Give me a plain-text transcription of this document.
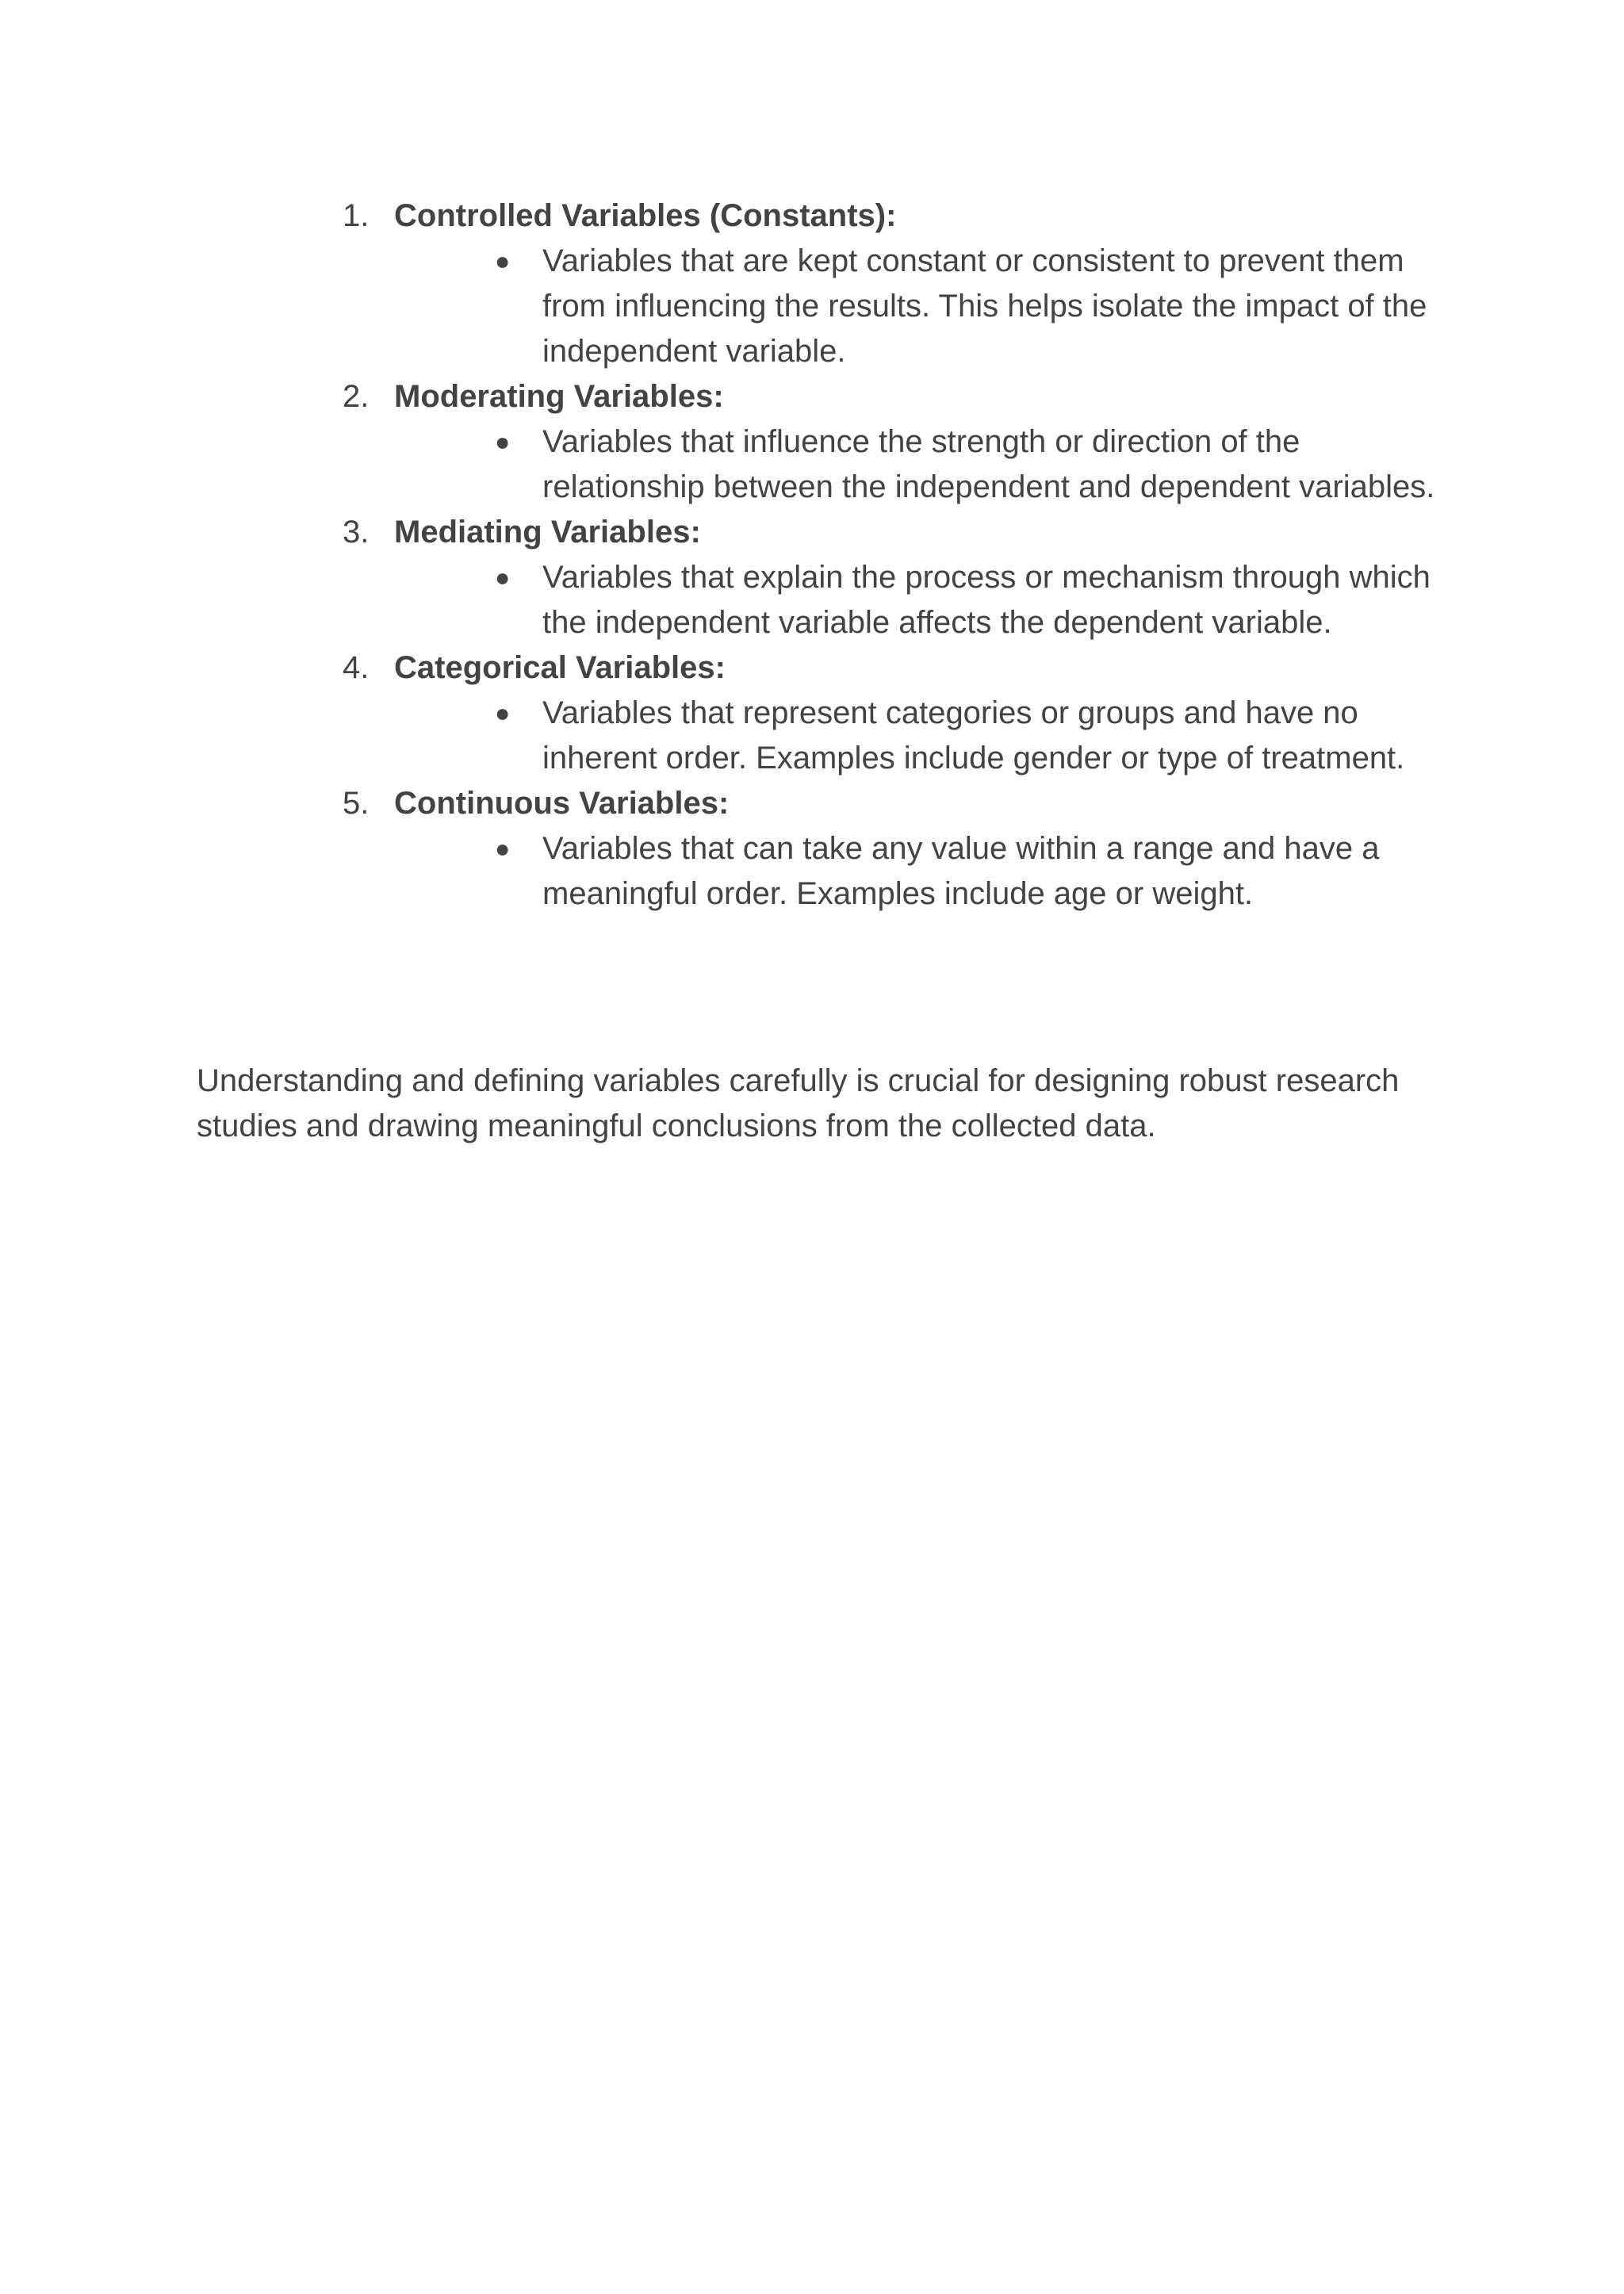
1. Controlled Variables (Constants):
● Variables that are kept constant or consistent to prevent them from influencing the results. This helps isolate the impact of the independent variable.
2. Moderating Variables:
● Variables that influence the strength or direction of the relationship between the independent and dependent variables.
3. Mediating Variables:
● Variables that explain the process or mechanism through which the independent variable affects the dependent variable.
4. Categorical Variables:
● Variables that represent categories or groups and have no inherent order. Examples include gender or type of treatment.
5. Continuous Variables:
● Variables that can take any value within a range and have a meaningful order. Examples include age or weight.

Understanding and defining variables carefully is crucial for designing robust research studies and drawing meaningful conclusions from the collected data.
